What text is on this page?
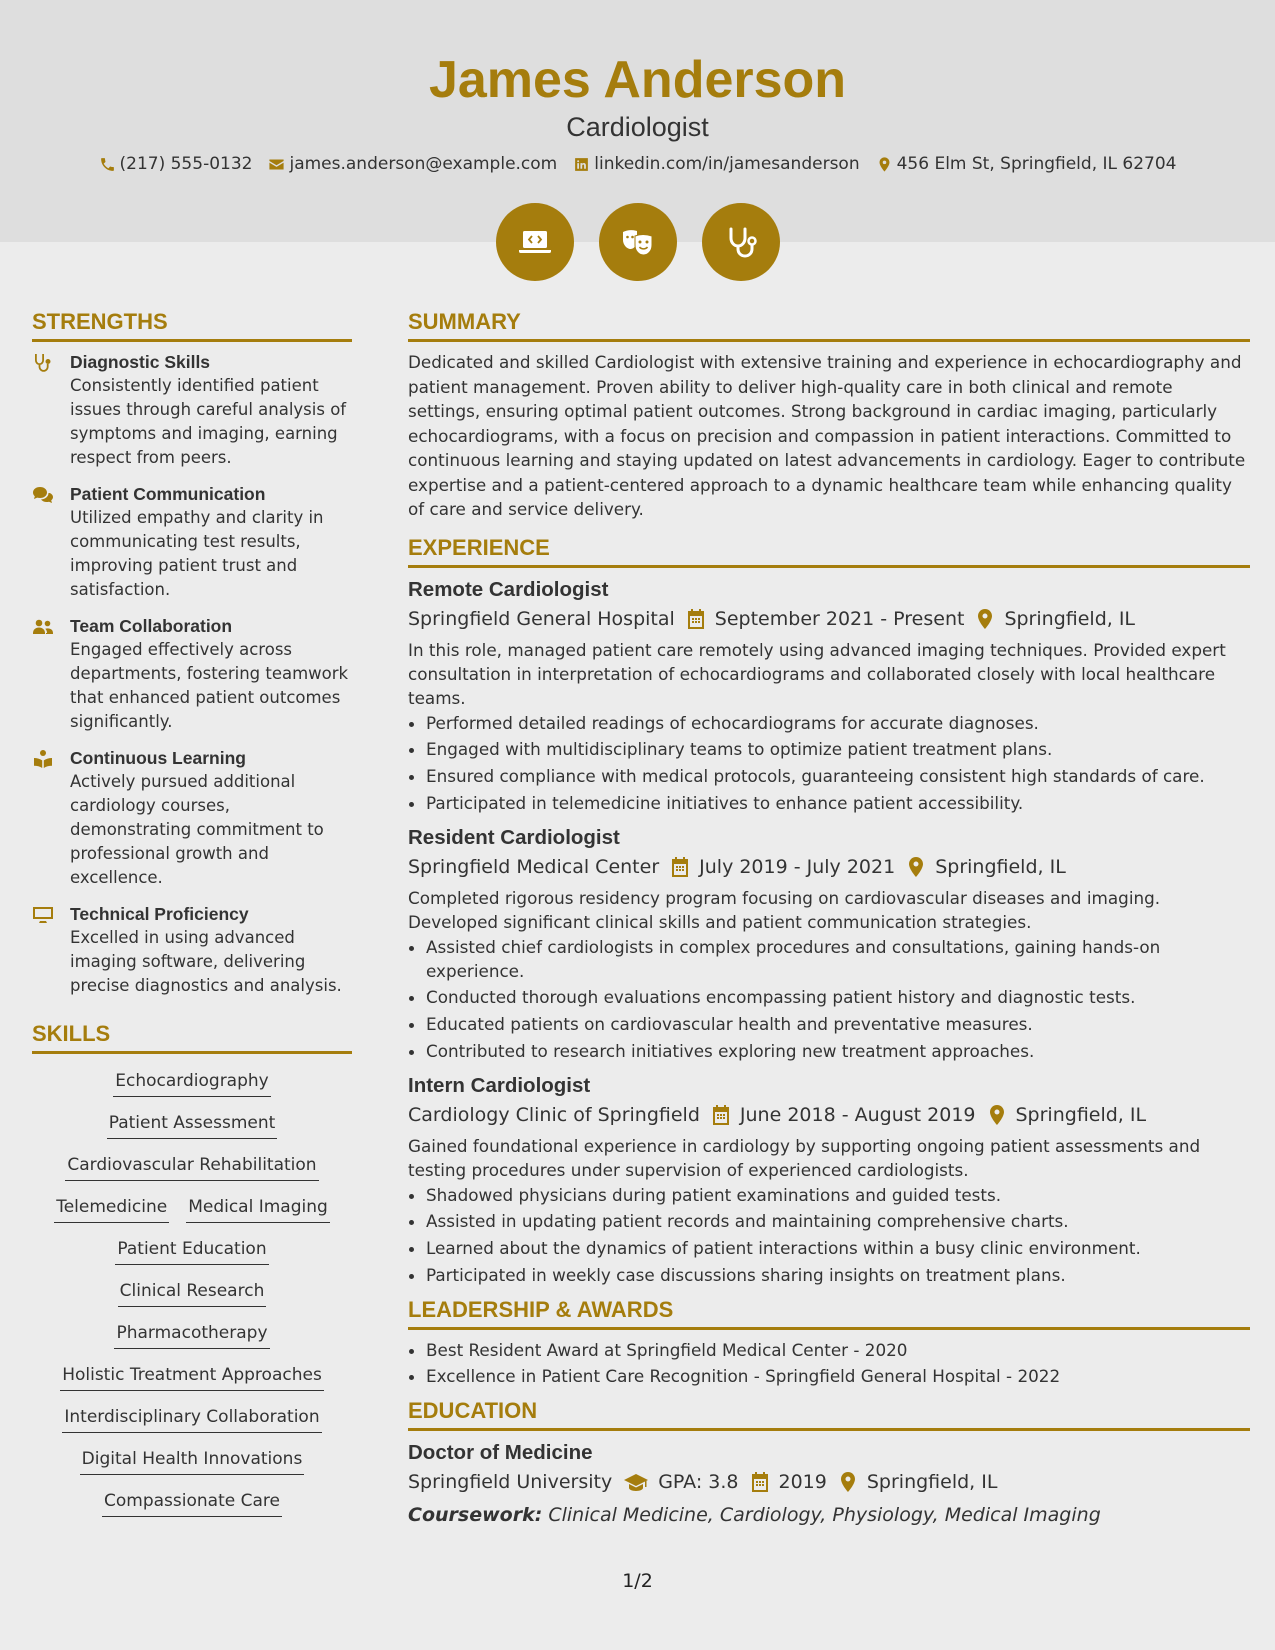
James Anderson
Cardiologist
(217) 555-0132 james.anderson@example.com linkedin.com/in/jamesanderson 456 Elm St, Springfield, IL 62704
STRENGTHS
Diagnostic Skills
Consistently identified patient issues through careful analysis of symptoms and imaging, earning respect from peers.
Patient Communication
Utilized empathy and clarity in communicating test results, improving patient trust and satisfaction.
Team Collaboration
Engaged effectively across departments, fostering teamwork that enhanced patient outcomes significantly.
Continuous Learning
Actively pursued additional cardiology courses, demonstrating commitment to professional growth and excellence.
Technical Proficiency
Excelled in using advanced imaging software, delivering precise diagnostics and analysis.
SKILLS
Echocardiography
Patient Assessment
Cardiovascular Rehabilitation
Telemedicine Medical Imaging
Patient Education
Clinical Research
Pharmacotherapy
Holistic Treatment Approaches
Interdisciplinary Collaboration
Digital Health Innovations
Compassionate Care
SUMMARY
Dedicated and skilled Cardiologist with extensive training and experience in echocardiography and patient management. Proven ability to deliver high-quality care in both clinical and remote settings, ensuring optimal patient outcomes. Strong background in cardiac imaging, particularly echocardiograms, with a focus on precision and compassion in patient interactions. Committed to continuous learning and staying updated on latest advancements in cardiology. Eager to contribute expertise and a patient-centered approach to a dynamic healthcare team while enhancing quality of care and service delivery.
EXPERIENCE
Remote Cardiologist
Springfield General Hospital September 2021 - Present Springfield, IL
In this role, managed patient care remotely using advanced imaging techniques. Provided expert consultation in interpretation of echocardiograms and collaborated closely with local healthcare teams.
• Performed detailed readings of echocardiograms for accurate diagnoses.
• Engaged with multidisciplinary teams to optimize patient treatment plans.
• Ensured compliance with medical protocols, guaranteeing consistent high standards of care.
• Participated in telemedicine initiatives to enhance patient accessibility.
Resident Cardiologist
Springfield Medical Center July 2019 - July 2021 Springfield, IL
Completed rigorous residency program focusing on cardiovascular diseases and imaging. Developed significant clinical skills and patient communication strategies.
• Assisted chief cardiologists in complex procedures and consultations, gaining hands-on experience.
• Conducted thorough evaluations encompassing patient history and diagnostic tests.
• Educated patients on cardiovascular health and preventative measures.
• Contributed to research initiatives exploring new treatment approaches.
Intern Cardiologist
Cardiology Clinic of Springfield June 2018 - August 2019 Springfield, IL
Gained foundational experience in cardiology by supporting ongoing patient assessments and testing procedures under supervision of experienced cardiologists.
• Shadowed physicians during patient examinations and guided tests.
• Assisted in updating patient records and maintaining comprehensive charts.
• Learned about the dynamics of patient interactions within a busy clinic environment.
• Participated in weekly case discussions sharing insights on treatment plans.
LEADERSHIP & AWARDS
• Best Resident Award at Springfield Medical Center - 2020
• Excellence in Patient Care Recognition - Springfield General Hospital - 2022
EDUCATION
Doctor of Medicine
Springfield University GPA: 3.8 2019 Springfield, IL
Coursework: Clinical Medicine, Cardiology, Physiology, Medical Imaging
1/2
